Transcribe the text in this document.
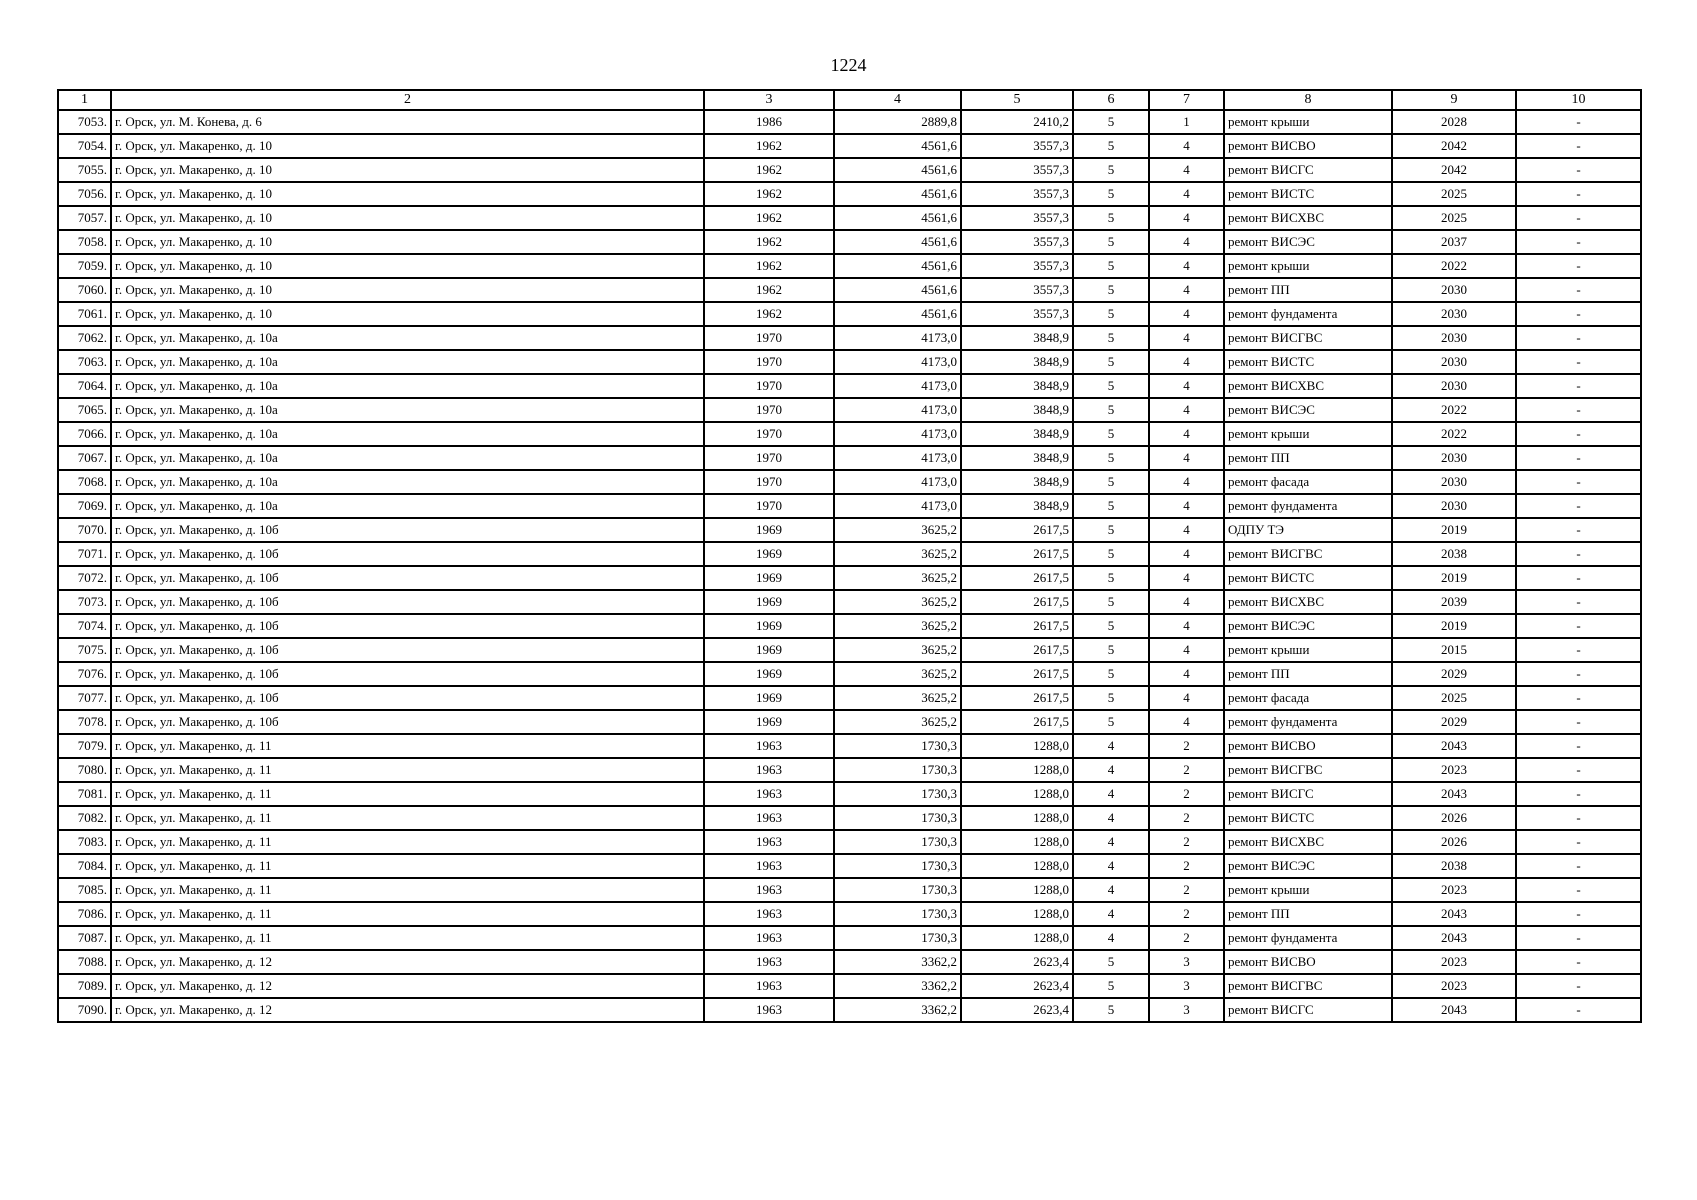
1224
1	2	3	4	5	6	7	8	9	10
7053.	г. Орск, ул. М. Конева, д. 6	1986	2889,8	2410,2	5	1	ремонт крыши	2028	-
7054.	г. Орск, ул. Макаренко, д. 10	1962	4561,6	3557,3	5	4	ремонт ВИСВО	2042	-
7055.	г. Орск, ул. Макаренко, д. 10	1962	4561,6	3557,3	5	4	ремонт ВИСГС	2042	-
7056.	г. Орск, ул. Макаренко, д. 10	1962	4561,6	3557,3	5	4	ремонт ВИСТС	2025	-
7057.	г. Орск, ул. Макаренко, д. 10	1962	4561,6	3557,3	5	4	ремонт ВИСХВС	2025	-
7058.	г. Орск, ул. Макаренко, д. 10	1962	4561,6	3557,3	5	4	ремонт ВИСЭС	2037	-
7059.	г. Орск, ул. Макаренко, д. 10	1962	4561,6	3557,3	5	4	ремонт крыши	2022	-
7060.	г. Орск, ул. Макаренко, д. 10	1962	4561,6	3557,3	5	4	ремонт ПП	2030	-
7061.	г. Орск, ул. Макаренко, д. 10	1962	4561,6	3557,3	5	4	ремонт фундамента	2030	-
7062.	г. Орск, ул. Макаренко, д. 10а	1970	4173,0	3848,9	5	4	ремонт ВИСГВС	2030	-
7063.	г. Орск, ул. Макаренко, д. 10а	1970	4173,0	3848,9	5	4	ремонт ВИСТС	2030	-
7064.	г. Орск, ул. Макаренко, д. 10а	1970	4173,0	3848,9	5	4	ремонт ВИСХВС	2030	-
7065.	г. Орск, ул. Макаренко, д. 10а	1970	4173,0	3848,9	5	4	ремонт ВИСЭС	2022	-
7066.	г. Орск, ул. Макаренко, д. 10а	1970	4173,0	3848,9	5	4	ремонт крыши	2022	-
7067.	г. Орск, ул. Макаренко, д. 10а	1970	4173,0	3848,9	5	4	ремонт ПП	2030	-
7068.	г. Орск, ул. Макаренко, д. 10а	1970	4173,0	3848,9	5	4	ремонт фасада	2030	-
7069.	г. Орск, ул. Макаренко, д. 10а	1970	4173,0	3848,9	5	4	ремонт фундамента	2030	-
7070.	г. Орск, ул. Макаренко, д. 10б	1969	3625,2	2617,5	5	4	ОДПУ ТЭ	2019	-
7071.	г. Орск, ул. Макаренко, д. 10б	1969	3625,2	2617,5	5	4	ремонт ВИСГВС	2038	-
7072.	г. Орск, ул. Макаренко, д. 10б	1969	3625,2	2617,5	5	4	ремонт ВИСТС	2019	-
7073.	г. Орск, ул. Макаренко, д. 10б	1969	3625,2	2617,5	5	4	ремонт ВИСХВС	2039	-
7074.	г. Орск, ул. Макаренко, д. 10б	1969	3625,2	2617,5	5	4	ремонт ВИСЭС	2019	-
7075.	г. Орск, ул. Макаренко, д. 10б	1969	3625,2	2617,5	5	4	ремонт крыши	2015	-
7076.	г. Орск, ул. Макаренко, д. 10б	1969	3625,2	2617,5	5	4	ремонт ПП	2029	-
7077.	г. Орск, ул. Макаренко, д. 10б	1969	3625,2	2617,5	5	4	ремонт фасада	2025	-
7078.	г. Орск, ул. Макаренко, д. 10б	1969	3625,2	2617,5	5	4	ремонт фундамента	2029	-
7079.	г. Орск, ул. Макаренко, д. 11	1963	1730,3	1288,0	4	2	ремонт ВИСВО	2043	-
7080.	г. Орск, ул. Макаренко, д. 11	1963	1730,3	1288,0	4	2	ремонт ВИСГВС	2023	-
7081.	г. Орск, ул. Макаренко, д. 11	1963	1730,3	1288,0	4	2	ремонт ВИСГС	2043	-
7082.	г. Орск, ул. Макаренко, д. 11	1963	1730,3	1288,0	4	2	ремонт ВИСТС	2026	-
7083.	г. Орск, ул. Макаренко, д. 11	1963	1730,3	1288,0	4	2	ремонт ВИСХВС	2026	-
7084.	г. Орск, ул. Макаренко, д. 11	1963	1730,3	1288,0	4	2	ремонт ВИСЭС	2038	-
7085.	г. Орск, ул. Макаренко, д. 11	1963	1730,3	1288,0	4	2	ремонт крыши	2023	-
7086.	г. Орск, ул. Макаренко, д. 11	1963	1730,3	1288,0	4	2	ремонт ПП	2043	-
7087.	г. Орск, ул. Макаренко, д. 11	1963	1730,3	1288,0	4	2	ремонт фундамента	2043	-
7088.	г. Орск, ул. Макаренко, д. 12	1963	3362,2	2623,4	5	3	ремонт ВИСВО	2023	-
7089.	г. Орск, ул. Макаренко, д. 12	1963	3362,2	2623,4	5	3	ремонт ВИСГВС	2023	-
7090.	г. Орск, ул. Макаренко, д. 12	1963	3362,2	2623,4	5	3	ремонт ВИСГС	2043	-
